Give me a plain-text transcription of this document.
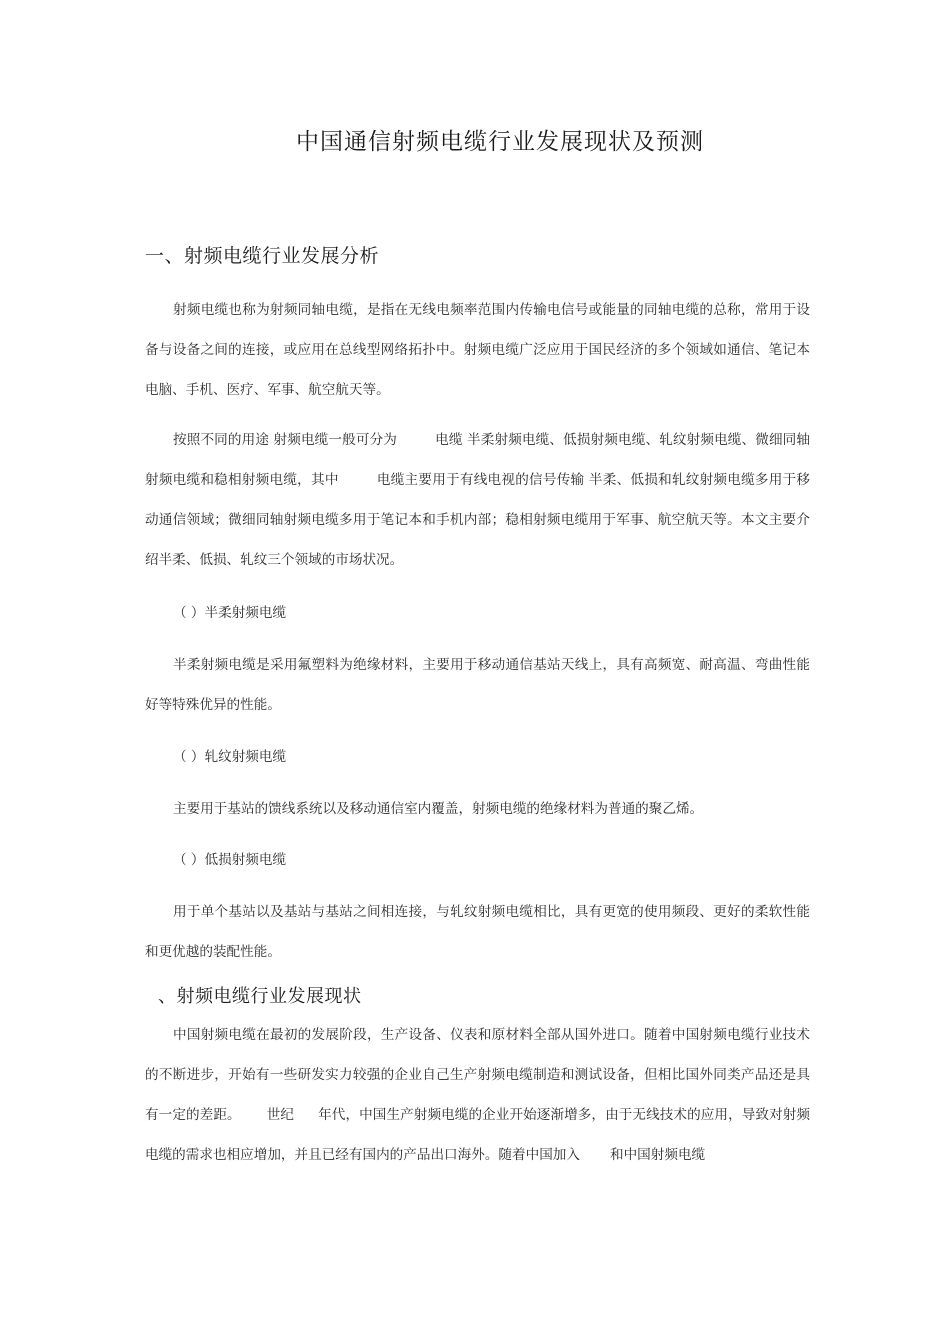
中国通信射频电缆行业发展现状及预测
一、射频电缆行业发展分析

射频电缆也称为射频同轴电缆，是指在无线电频率范围内传输电信号或能量的同轴电缆的总称，常用于设备与设备之间的连接，或应用在总线型网络拓扑中。射频电缆广泛应用于国民经济的多个领域如通信、笔记本电脑、手机、医疗、军事、航空航天等。

按照不同的用途 射频电缆一般可分为	电缆 半柔射频电缆、低损射频电缆、轧纹射频电缆、微细同轴射频电缆和稳相射频电缆，其中	电缆主要用于有线电视的信号传输 半柔、低损和轧纹射频电缆多用于移动通信领域；微细同轴射频电缆多用于笔记本和手机内部；稳相射频电缆用于军事、航空航天等。本文主要介绍半柔、低损、轧纹三个领域的市场状况。

（ ）半柔射频电缆

半柔射频电缆是采用氟塑料为绝缘材料，主要用于移动通信基站天线上，具有高频宽、耐高温、弯曲性能好等特殊优异的性能。

（ ）轧纹射频电缆

主要用于基站的馈线系统以及移动通信室内覆盖，射频电缆的绝缘材料为普通的聚乙烯。

（ ）低损射频电缆

用于单个基站以及基站与基站之间相连接，与轧纹射频电缆相比，具有更宽的使用频段、更好的柔软性能和更优越的装配性能。

、射频电缆行业发展现状

中国射频电缆在最初的发展阶段，生产设备、仪表和原材料全部从国外进口。随着中国射频电缆行业技术的不断进步，开始有一些研发实力较强的企业自己生产射频电缆制造和测试设备，但相比国外同类产品还是具有一定的差距。 世纪 年代，中国生产射频电缆的企业开始逐渐增多，由于无线技术的应用，导致对射频电缆的需求也相应增加，并且已经有国内的产品出口海外。随着中国加入 和中国射频电缆
